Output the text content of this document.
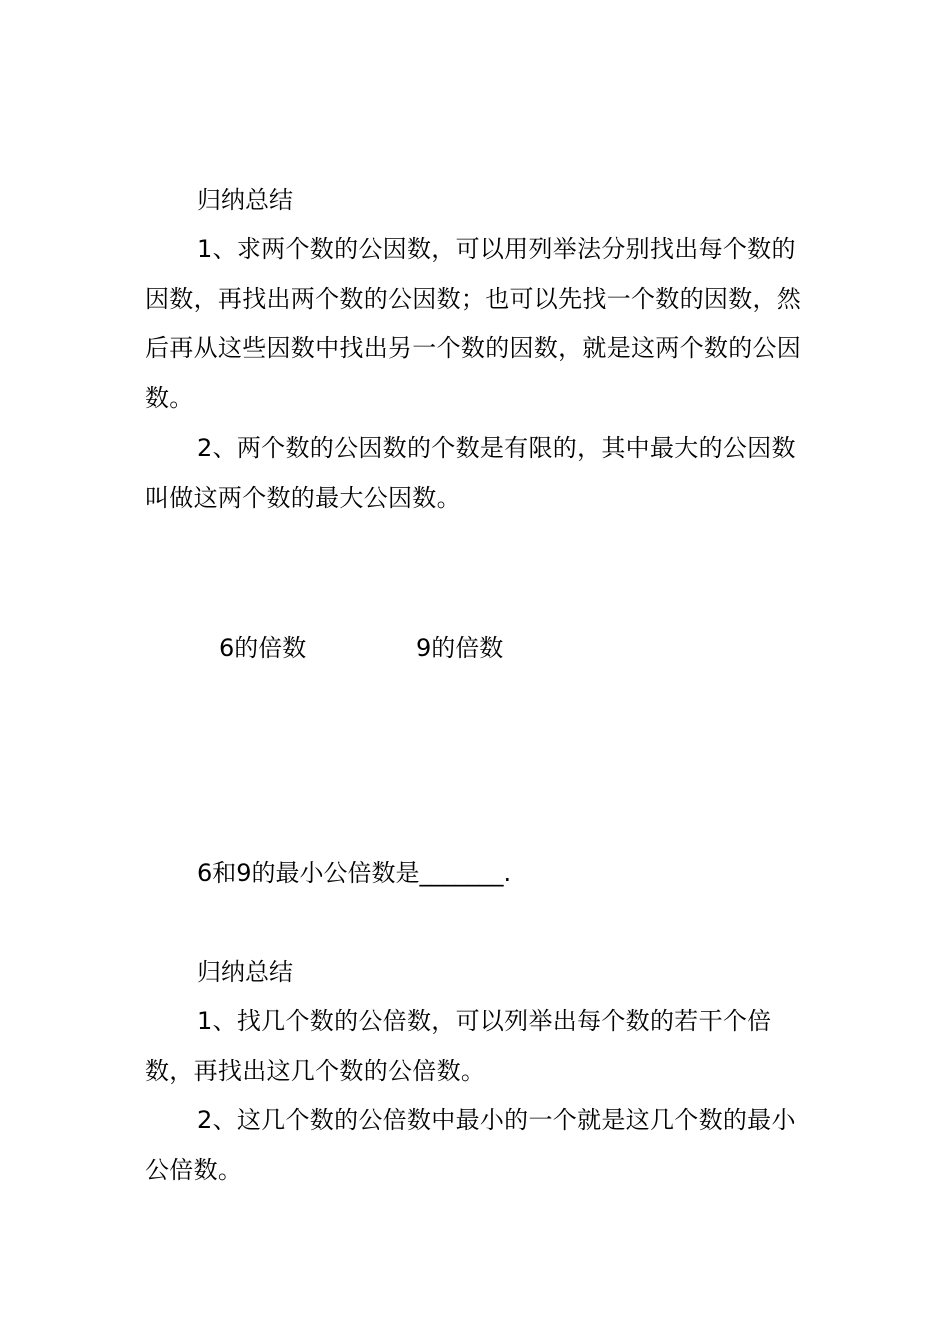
归纳总结

1、求两个数的公因数，可以用列举法分别找出每个数的因数，再找出两个数的公因数；也可以先找一个数的因数，然后再从这些因数中找出另一个数的因数，就是这两个数的公因数。

2、两个数的公因数的个数是有限的，其中最大的公因数叫做这两个数的最大公因数。

6的倍数	9的倍数

6和9的最小公倍数是_______.

归纳总结

1、找几个数的公倍数，可以列举出每个数的若干个倍数，再找出这几个数的公倍数。

2、这几个数的公倍数中最小的一个就是这几个数的最小公倍数。
